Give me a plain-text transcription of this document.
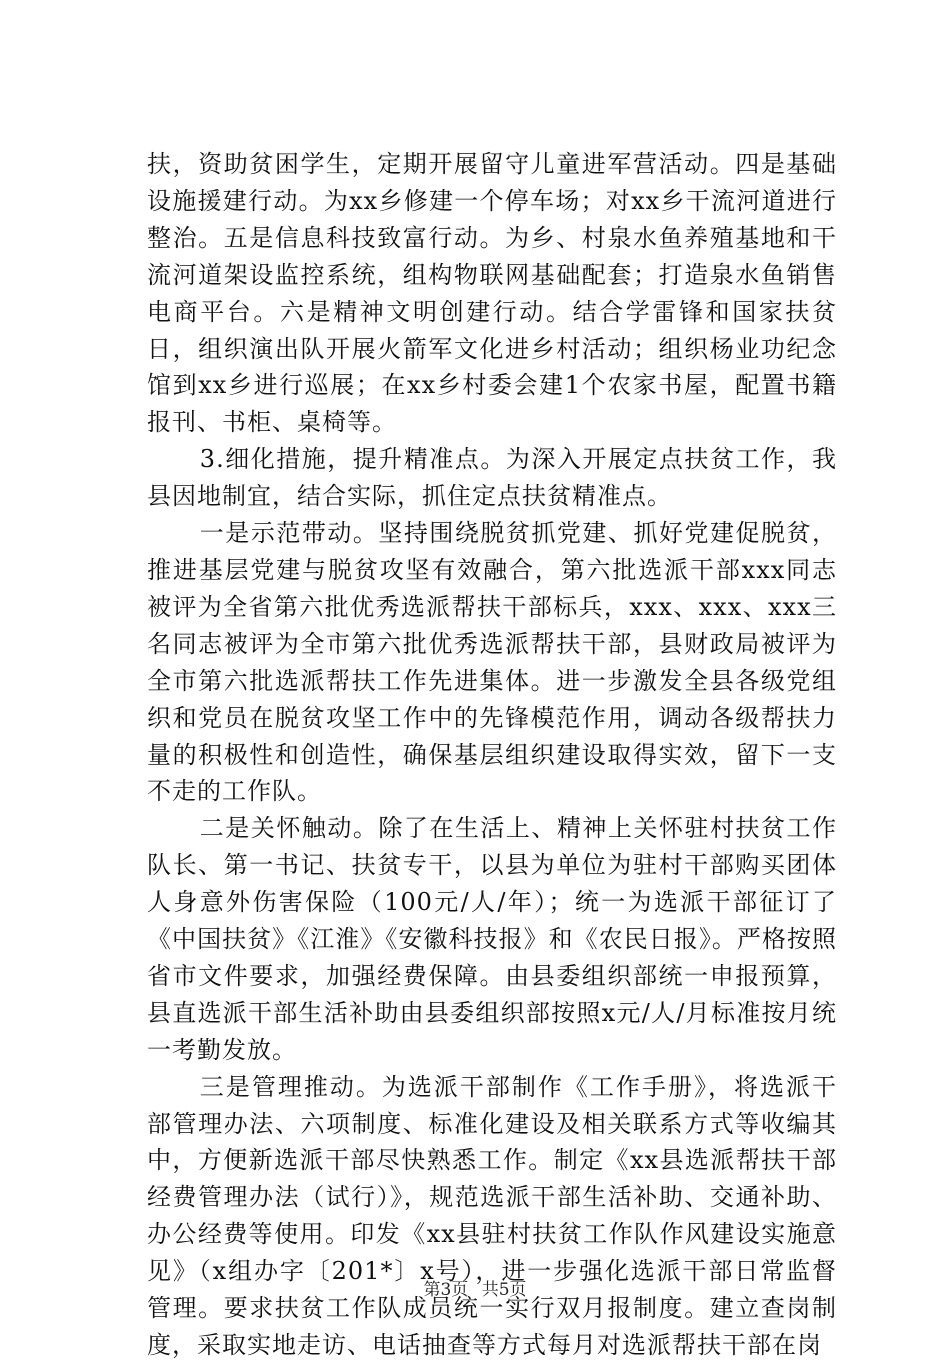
扶，资助贫困学生，定期开展留守儿童进军营活动。四是基础设施援建行动。为xx乡修建一个停车场；对xx乡干流河道进行整治。五是信息科技致富行动。为乡、村泉水鱼养殖基地和干流河道架设监控系统，组构物联网基础配套；打造泉水鱼销售电商平台。六是精神文明创建行动。结合学雷锋和国家扶贫日，组织演出队开展火箭军文化进乡村活动；组织杨业功纪念馆到xx乡进行巡展；在xx乡村委会建1个农家书屋，配置书籍报刊、书柜、桌椅等。

3.细化措施，提升精准点。为深入开展定点扶贫工作，我县因地制宜，结合实际，抓住定点扶贫精准点。

一是示范带动。坚持围绕脱贫抓党建、抓好党建促脱贫，推进基层党建与脱贫攻坚有效融合，第六批选派干部xxx同志被评为全省第六批优秀选派帮扶干部标兵，xxx、xxx、xxx三名同志被评为全市第六批优秀选派帮扶干部，县财政局被评为全市第六批选派帮扶工作先进集体。进一步激发全县各级党组织和党员在脱贫攻坚工作中的先锋模范作用，调动各级帮扶力量的积极性和创造性，确保基层组织建设取得实效，留下一支不走的工作队。

二是关怀触动。除了在生活上、精神上关怀驻村扶贫工作队长、第一书记、扶贫专干，以县为单位为驻村干部购买团体人身意外伤害保险（100元/人/年）；统一为选派干部征订了《中国扶贫》《江淮》《安徽科技报》和《农民日报》。严格按照省市文件要求，加强经费保障。由县委组织部统一申报预算，县直选派干部生活补助由县委组织部按照x元/人/月标准按月统一考勤发放。

三是管理推动。为选派干部制作《工作手册》，将选派干部管理办法、六项制度、标准化建设及相关联系方式等收编其中，方便新选派干部尽快熟悉工作。制定《xx县选派帮扶干部经费管理办法（试行）》，规范选派干部生活补助、交通补助、办公经费等使用。印发《xx县驻村扶贫工作队作风建设实施意见》（x组办字〔201*〕x号），进一步强化选派干部日常监督管理。要求扶贫工作队成员统一实行双月报制度。建立查岗制度，采取实地走访、电话抽查等方式每月对选派帮扶干部在岗

第3页 共5页
